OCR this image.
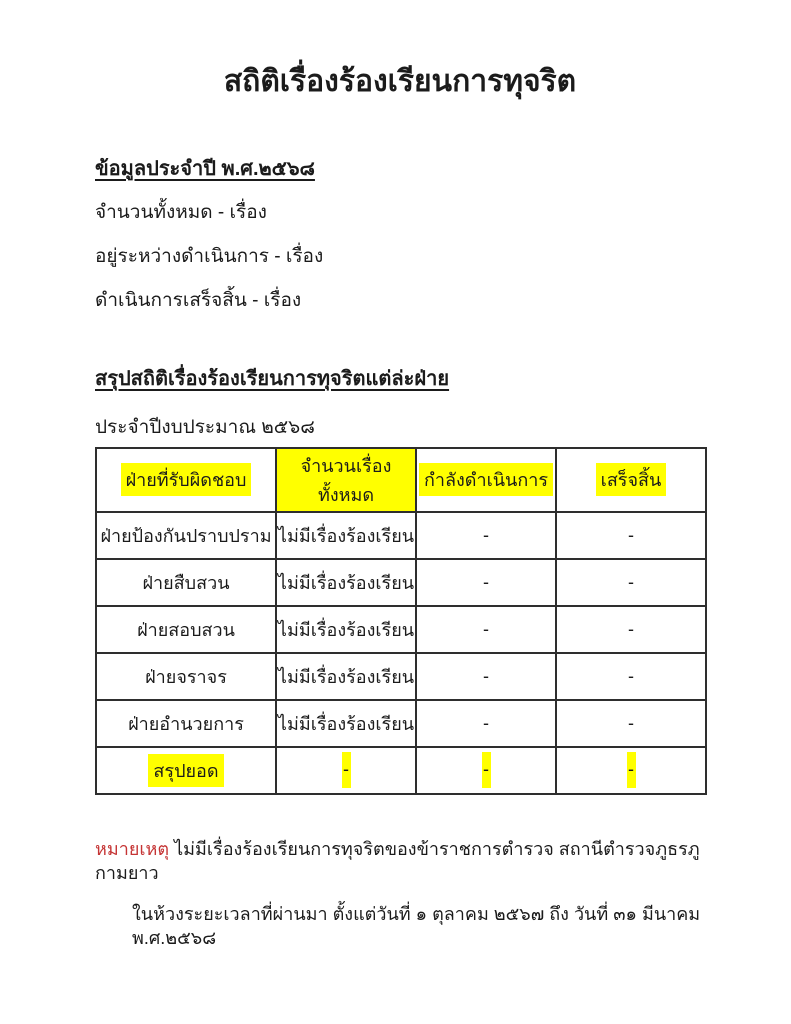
สถิติเรื่องร้องเรียนการทุจริต
ข้อมูลประจำปี พ.ศ.๒๕๖๘

จำนวนทั้งหมด - เรื่อง

อยู่ระหว่างดำเนินการ - เรื่อง

ดำเนินการเสร็จสิ้น - เรื่อง

สรุปสถิติเรื่องร้องเรียนการทุจริตแต่ล่ะฝ่าย

ประจำปีงบประมาณ ๒๕๖๘

ฝ่ายที่รับผิดชอบ	จำนวนเรื่องทั้งหมด	กำลังดำเนินการ	เสร็จสิ้น
ฝ่ายป้องกันปราบปราม	ไม่มีเรื่องร้องเรียน	-	-
ฝ่ายสืบสวน	ไม่มีเรื่องร้องเรียน	-	-
ฝ่ายสอบสวน	ไม่มีเรื่องร้องเรียน	-	-
ฝ่ายจราจร	ไม่มีเรื่องร้องเรียน	-	-
ฝ่ายอำนวยการ	ไม่มีเรื่องร้องเรียน	-	-
สรุปยอด	-	-	-

หมายเหตุ ไม่มีเรื่องร้องเรียนการทุจริตของข้าราชการตำรวจ สถานีตำรวจภูธรภูกามยาว

ในห้วงระยะเวลาที่ผ่านมา ตั้งแต่วันที่ ๑ ตุลาคม ๒๕๖๗ ถึง วันที่ ๓๑ มีนาคม พ.ศ.๒๕๖๘
